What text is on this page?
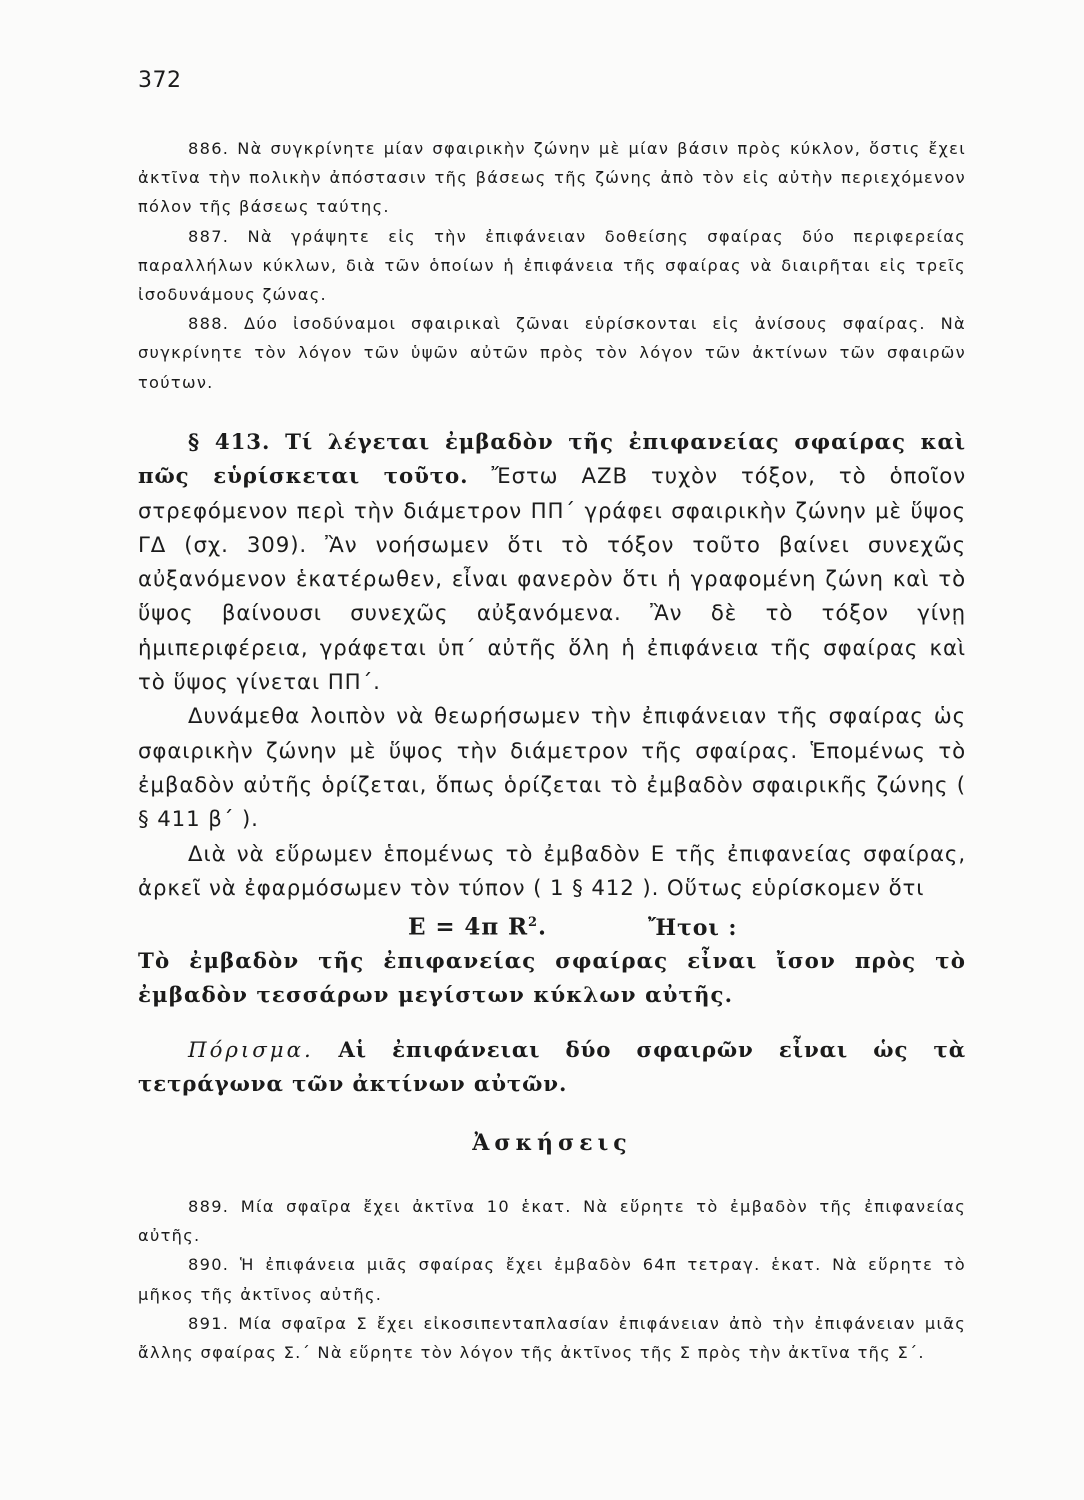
372

886. Νὰ συγκρίνητε μίαν σφαιρικὴν ζώνην μὲ μίαν βάσιν πρὸς κύκλον, ὅστις ἔχει ἀκτῖνα τὴν πολικὴν ἀπόστασιν τῆς βάσεως τῆς ζώνης ἀπὸ τὸν εἰς αὐτὴν περιεχόμενον πόλον τῆς βάσεως ταύτης.

887. Νὰ γράψητε εἰς τὴν ἐπιφάνειαν δοθείσης σφαίρας δύο περιφερείας παραλλήλων κύκλων, διὰ τῶν ὁποίων ἡ ἐπιφάνεια τῆς σφαίρας νὰ διαιρῆται εἰς τρεῖς ἰσοδυνάμους ζώνας.

888. Δύο ἰσοδύναμοι σφαιρικαὶ ζῶναι εὑρίσκονται εἰς ἀνίσους σφαίρας. Νὰ συγκρίνητε τὸν λόγον τῶν ὑψῶν αὐτῶν πρὸς τὸν λόγον τῶν ἀκτίνων τῶν σφαιρῶν τούτων.

§ 413. Τί λέγεται ἐμβαδὸν τῆς ἐπιφανείας σφαίρας καὶ πῶς εὑρίσκεται τοῦτο. Ἔστω ΑΖΒ τυχὸν τόξον, τὸ ὁποῖον στρεφόμενον περὶ τὴν διάμετρον ΠΠ΄ γράφει σφαιρικὴν ζώνην μὲ ὕψος ΓΔ (σχ. 309). Ἂν νοήσωμεν ὅτι τὸ τόξον τοῦτο βαίνει συνεχῶς αὐξανόμενον ἑκατέρωθεν, εἶναι φανερὸν ὅτι ἡ γραφομένη ζώνη καὶ τὸ ὕψος βαίνουσι συνεχῶς αὐξανόμενα. Ἂν δὲ τὸ τόξον γίνῃ ἡμιπεριφέρεια, γράφεται ὑπ΄ αὐτῆς ὅλη ἡ ἐπιφάνεια τῆς σφαίρας καὶ τὸ ὕψος γίνεται ΠΠ΄.

Δυνάμεθα λοιπὸν νὰ θεωρήσωμεν τὴν ἐπιφάνειαν τῆς σφαίρας ὡς σφαιρικὴν ζώνην μὲ ὕψος τὴν διάμετρον τῆς σφαίρας. Ἑπομένως τὸ ἐμβαδὸν αὐτῆς ὁρίζεται, ὅπως ὁρίζεται τὸ ἐμβαδὸν σφαιρικῆς ζώνης ( § 411 β΄ ).

Διὰ νὰ εὕρωμεν ἑπομένως τὸ ἐμβαδὸν Ε τῆς ἐπιφανείας σφαίρας, ἀρκεῖ νὰ ἐφαρμόσωμεν τὸν τύπον ( 1 § 412 ). Οὕτως εὑρίσκομεν ὅτι

Ε = 4π $R^2$.	Ἤτοι :

Τὸ ἐμβαδὸν τῆς ἐπιφανείας σφαίρας εἶναι ἴσον πρὸς τὸ ἐμβαδὸν τεσσάρων μεγίστων κύκλων αὐτῆς.

Πόρισμα. Αἱ ἐπιφάνειαι δύο σφαιρῶν εἶναι ὡς τὰ τετράγωνα τῶν ἀκτίνων αὐτῶν.

Ἀσκήσεις

889. Μία σφαῖρα ἔχει ἀκτῖνα 10 ἑκατ. Νὰ εὕρητε τὸ ἐμβαδὸν τῆς ἐπιφανείας αὐτῆς.

890. Ἡ ἐπιφάνεια μιᾶς σφαίρας ἔχει ἐμβαδὸν 64π τετραγ. ἑκατ. Νὰ εὕρητε τὸ μῆκος τῆς ἀκτῖνος αὐτῆς.

891. Μία σφαῖρα Σ ἔχει εἰκοσιπενταπλασίαν ἐπιφάνειαν ἀπὸ τὴν ἐπιφάνειαν μιᾶς ἄλλης σφαίρας Σ.΄ Νὰ εὕρητε τὸν λόγον τῆς ἀκτῖνος τῆς Σ πρὸς τὴν ἀκτῖνα τῆς Σ΄.
